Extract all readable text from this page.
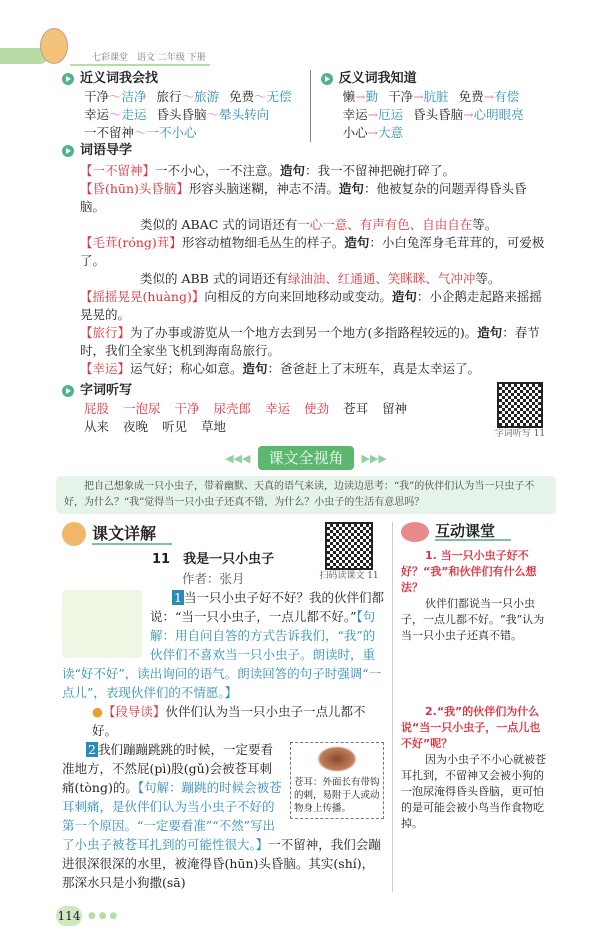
七彩课堂　语文 二年级 下册
近义词我会找
干净～洁净 旅行～旅游 免费～无偿
幸运～走运 昏头昏脑～晕头转向
一不留神～一不小心
反义词我知道
懒→勤 干净→肮脏 免费→有偿
幸运→厄运 昏头昏脑→心明眼亮
小心→大意
词语导学

【一不留神】一不小心，一不注意。造句：我一不留神把碗打碎了。

【昏(hūn)头昏脑】形容头脑迷糊，神志不清。造句：他被复杂的问题弄得昏头昏脑。
类似的 ABAC 式的词语还有一心一意、有声有色、自由自在等。

【毛茸(róng)茸】形容动植物细毛丛生的样子。造句：小白兔浑身毛茸茸的，可爱极了。
类似的 ABB 式的词语还有绿油油、红通通、笑眯眯、气冲冲等。

【摇摇晃晃(huàng)】向相反的方向来回地移动或变动。造句：小企鹅走起路来摇摇晃晃的。

【旅行】为了办事或游览从一个地方去到另一个地方(多指路程较远的)。造句：春节时，我们全家坐飞机到海南岛旅行。

【幸运】运气好；称心如意。造句：爸爸赶上了末班车，真是太幸运了。

字词听写
屁股 一泡尿 干净 尿壳郎 幸运 使劲 苍耳 留神
从来 夜晚 听见 草地	字词听写 11
◀◀◀	课文全视角	▶▶▶
把自己想象成一只小虫子，带着幽默、天真的语气来读，边读边思考：“我”的伙伴们认为当一只虫子不好，为什么？“我”觉得当一只小虫子还真不错，为什么？小虫子的生活有意思吗？
课文详解
11　我是一只小虫子
作者：张月	扫码读课文 11

1 当一只小虫子好不好？我的伙伴们都说：“当一只小虫子，一点儿都不好。”【句解：用自问自答的方式告诉我们，“我”的伙伴们不喜欢当一只小虫子。朗读时，重读“好不好”，读出询问的语气。朗读回答的句子时强调“一点儿”，表现伙伴们的不情愿。】

●【段导读】伙伴们认为当一只小虫子一点儿都不好。

苍耳：外面长有带钩的刺，易附于人或动物身上传播。

2 我们蹦蹦跳跳的时候，一定要看准地方，不然屁(pì)股(gǔ)会被苍耳刺痛(tòng)的。【句解：蹦跳的时候会被苍耳刺痛，是伙伴们认为当小虫子不好的第一个原因。“一定要看准”“不然”写出了小虫子被苍耳扎到的可能性很大。】一不留神，我们会蹦进很深很深的水里，被淹得昏(hūn)头昏脑。其实(shí)，那深水只是小狗撒(sā)

互动课堂
1. 当一只小虫子好不好？“我”和伙伴们有什么想法？
伙伴们都说当一只小虫子，一点儿都不好。“我”认为当一只小虫子还真不错。
2.“我”的伙伴们为什么说“当一只小虫子，一点儿也不好”呢？
因为小虫子不小心就被苍耳扎到，不留神又会被小狗的一泡尿淹得昏头昏脑，更可怕的是可能会被小鸟当作食物吃掉。
114 ● ● ●
